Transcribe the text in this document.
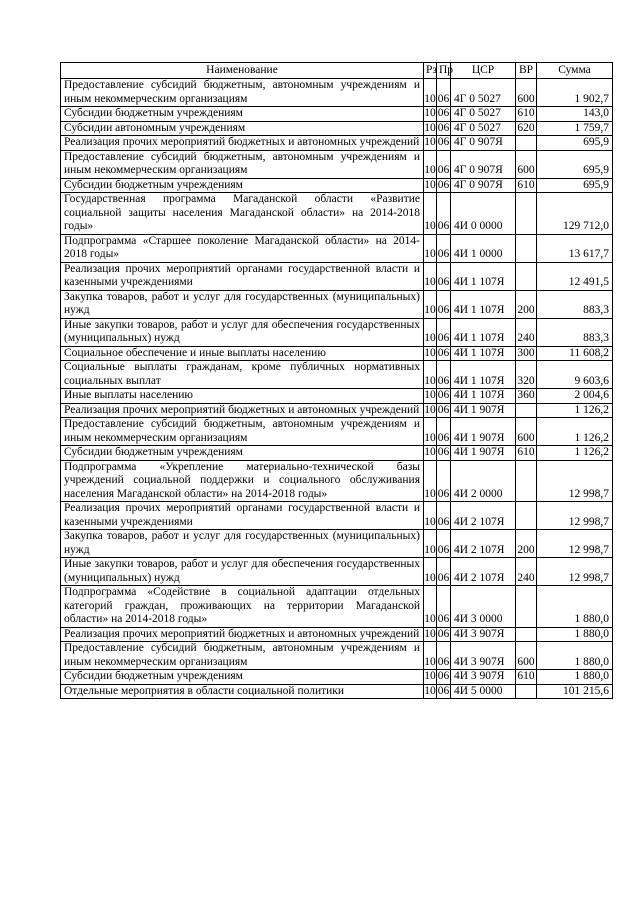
Наименование	Рз	Пр	ЦСР	ВР	Сумма
Предоставление субсидий бюджетным, автономным учреждениям и иным некоммерческим организациям	10	06	4Г 0 5027	600	1 902,7
Субсидии бюджетным учреждениям	10	06	4Г 0 5027	610	143,0
Субсидии автономным учреждениям	10	06	4Г 0 5027	620	1 759,7
Реализация прочих мероприятий бюджетных и автономных учреждений	10	06	4Г 0 907Я		695,9
Предоставление субсидий бюджетным, автономным учреждениям и иным некоммерческим организациям	10	06	4Г 0 907Я	600	695,9
Субсидии бюджетным учреждениям	10	06	4Г 0 907Я	610	695,9
Государственная программа Магаданской области «Развитие социальной защиты населения Магаданской области» на 2014-2018 годы»	10	06	4И 0 0000		129 712,0
Подпрограмма «Старшее поколение Магаданской области» на 2014-2018 годы»	10	06	4И 1 0000		13 617,7
Реализация прочих мероприятий органами государственной власти и казенными учреждениями	10	06	4И 1 107Я		12 491,5
Закупка товаров, работ и услуг для государственных (муниципальных) нужд	10	06	4И 1 107Я	200	883,3
Иные закупки товаров, работ и услуг для обеспечения государственных (муниципальных) нужд	10	06	4И 1 107Я	240	883,3
Социальное обеспечение и иные выплаты населению	10	06	4И 1 107Я	300	11 608,2
Социальные выплаты гражданам, кроме публичных нормативных социальных выплат	10	06	4И 1 107Я	320	9 603,6
Иные выплаты населению	10	06	4И 1 107Я	360	2 004,6
Реализация прочих мероприятий бюджетных и автономных учреждений	10	06	4И 1 907Я		1 126,2
Предоставление субсидий бюджетным, автономным учреждениям и иным некоммерческим организациям	10	06	4И 1 907Я	600	1 126,2
Субсидии бюджетным учреждениям	10	06	4И 1 907Я	610	1 126,2
Подпрограмма «Укрепление материально-технической базы учреждений социальной поддержки и социального обслуживания населения Магаданской области» на 2014-2018 годы»	10	06	4И 2 0000		12 998,7
Реализация прочих мероприятий органами государственной власти и казенными учреждениями	10	06	4И 2 107Я		12 998,7
Закупка товаров, работ и услуг для государственных (муниципальных) нужд	10	06	4И 2 107Я	200	12 998,7
Иные закупки товаров, работ и услуг для обеспечения государственных (муниципальных) нужд	10	06	4И 2 107Я	240	12 998,7
Подпрограмма «Содействие в социальной адаптации отдельных категорий граждан, проживающих на территории Магаданской области» на 2014-2018 годы»	10	06	4И 3 0000		1 880,0
Реализация прочих мероприятий бюджетных и автономных учреждений	10	06	4И 3 907Я		1 880,0
Предоставление субсидий бюджетным, автономным учреждениям и иным некоммерческим организациям	10	06	4И 3 907Я	600	1 880,0
Субсидии бюджетным учреждениям	10	06	4И 3 907Я	610	1 880,0
Отдельные мероприятия в области социальной политики	10	06	4И 5 0000		101 215,6
